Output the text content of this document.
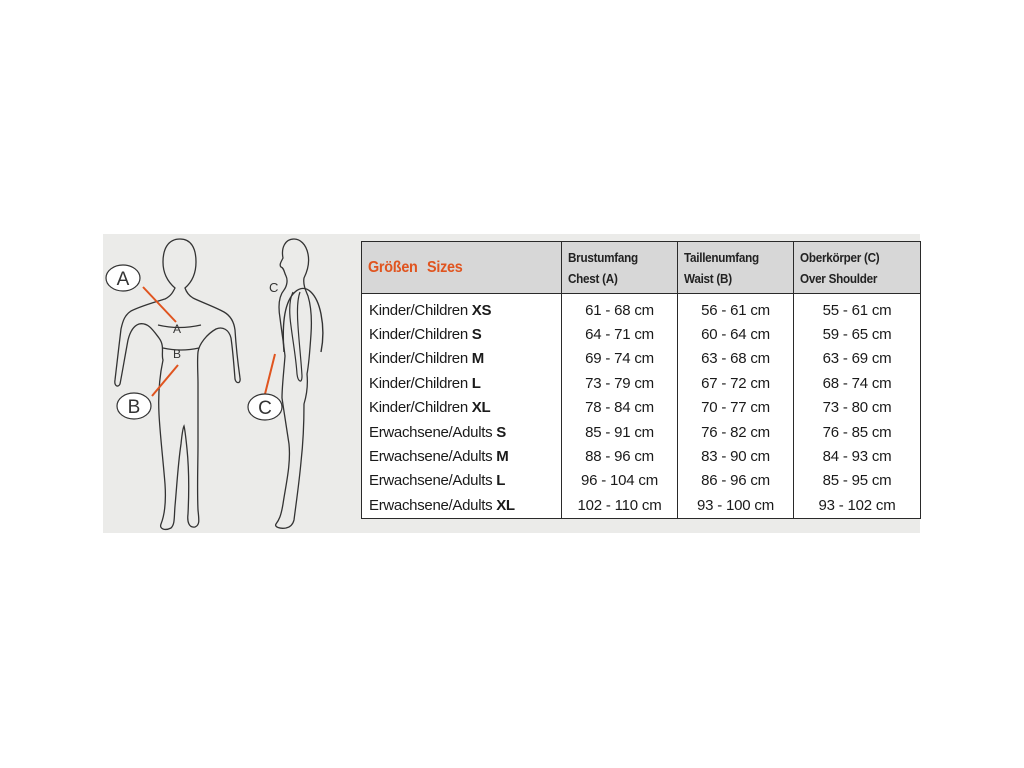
A
B
A
B
C
C
Größen Sizes	Brustumfang Chest (A)	Taillenumfang Waist (B)	Oberkörper (C) Over Shoulder
Kinder/Children XS	61 - 68 cm	56 - 61 cm	55 - 61 cm
Kinder/Children S	64 - 71 cm	60 - 64 cm	59 - 65 cm
Kinder/Children M	69 - 74 cm	63 - 68 cm	63 - 69 cm
Kinder/Children L	73 - 79 cm	67 - 72 cm	68 - 74 cm
Kinder/Children XL	78 - 84 cm	70 - 77 cm	73 - 80 cm
Erwachsene/Adults S	85 - 91 cm	76 - 82 cm	76 - 85 cm
Erwachsene/Adults M	88 - 96 cm	83 - 90 cm	84 - 93 cm
Erwachsene/Adults L	96 - 104 cm	86 - 96 cm	85 - 95 cm
Erwachsene/Adults XL	102 - 110 cm	93 - 100 cm	93 - 102 cm
